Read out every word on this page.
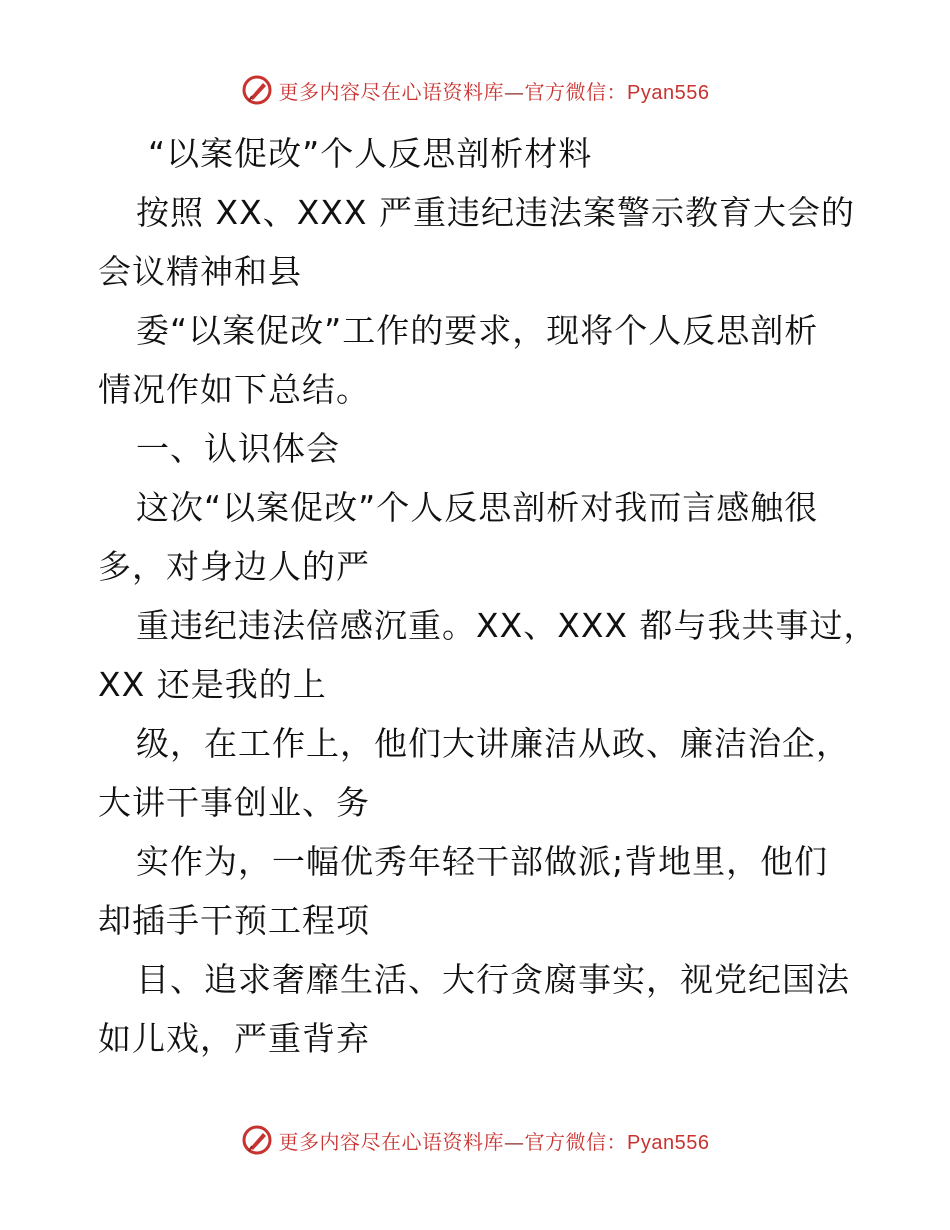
更多内容尽在心语资料库—官方微信：Pyan556
“以案促改”个人反思剖析材料
按照 XX、XXX 严重违纪违法案警示教育大会的
会议精神和县
委“以案促改”工作的要求，现将个人反思剖析
情况作如下总结。
一、认识体会
这次“以案促改”个人反思剖析对我而言感触很
多，对身边人的严
重违纪违法倍感沉重。XX、XXX 都与我共事过，
XX 还是我的上
级，在工作上，他们大讲廉洁从政、廉洁治企，
大讲干事创业、务
实作为，一幅优秀年轻干部做派;背地里，他们
却插手干预工程项
目、追求奢靡生活、大行贪腐事实，视党纪国法
如儿戏，严重背弃
更多内容尽在心语资料库—官方微信：Pyan556
